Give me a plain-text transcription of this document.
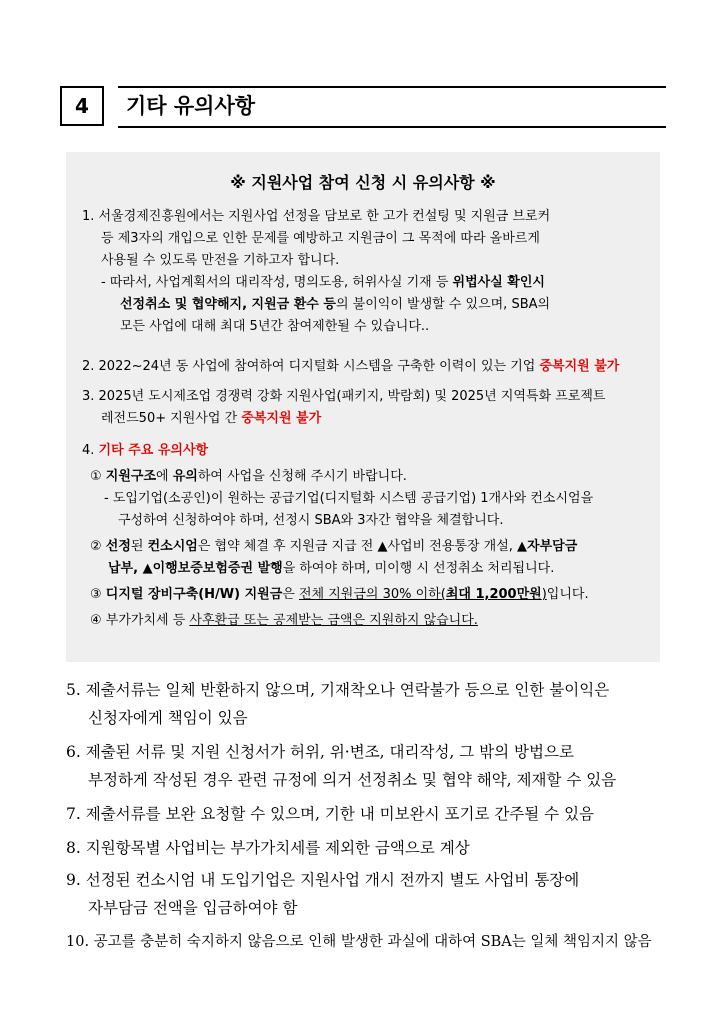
4	기타 유의사항
※ 지원사업 참여 신청 시 유의사항 ※
1. 서울경제진흥원에서는 지원사업 선정을 담보로 한 고가 컨설팅 및 지원금 브로커
등 제3자의 개입으로 인한 문제를 예방하고 지원금이 그 목적에 따라 올바르게
사용될 수 있도록 만전을 기하고자 합니다.
- 따라서, 사업계획서의 대리작성, 명의도용, 허위사실 기재 등 위법사실 확인시
선정취소 및 협약해지, 지원금 환수 등의 불이익이 발생할 수 있으며, SBA의
모든 사업에 대해 최대 5년간 참여제한될 수 있습니다..
2. 2022~24년 동 사업에 참여하여 디지털화 시스템을 구축한 이력이 있는 기업 중복지원 불가
3. 2025년 도시제조업 경쟁력 강화 지원사업(패키지, 박람회) 및 2025년 지역특화 프로젝트
레전드50+ 지원사업 간 중복지원 불가
4. 기타 주요 유의사항
① 지원구조에 유의하여 사업을 신청해 주시기 바랍니다.
- 도입기업(소공인)이 원하는 공급기업(디지털화 시스템 공급기업) 1개사와 컨소시엄을
구성하여 신청하여야 하며, 선정시 SBA와 3자간 협약을 체결합니다.
② 선정된 컨소시엄은 협약 체결 후 지원금 지급 전 ▲사업비 전용통장 개설, ▲자부담금
납부, ▲이행보증보험증권 발행을 하여야 하며, 미이행 시 선정취소 처리됩니다.
③ 디지털 장비구축(H/W) 지원금은 전체 지원금의 30% 이하(최대 1,200만원)입니다.
④ 부가가치세 등 사후환급 또는 공제받는 금액은 지원하지 않습니다.
5. 제출서류는 일체 반환하지 않으며, 기재착오나 연락불가 등으로 인한 불이익은
신청자에게 책임이 있음
6. 제출된 서류 및 지원 신청서가 허위, 위·변조, 대리작성, 그 밖의 방법으로
부정하게 작성된 경우 관련 규정에 의거 선정취소 및 협약 해약, 제재할 수 있음
7. 제출서류를 보완 요청할 수 있으며, 기한 내 미보완시 포기로 간주될 수 있음
8. 지원항목별 사업비는 부가가치세를 제외한 금액으로 계상
9. 선정된 컨소시엄 내 도입기업은 지원사업 개시 전까지 별도 사업비 통장에
자부담금 전액을 입금하여야 함
10. 공고를 충분히 숙지하지 않음으로 인해 발생한 과실에 대하여 SBA는 일체 책임지지 않음
